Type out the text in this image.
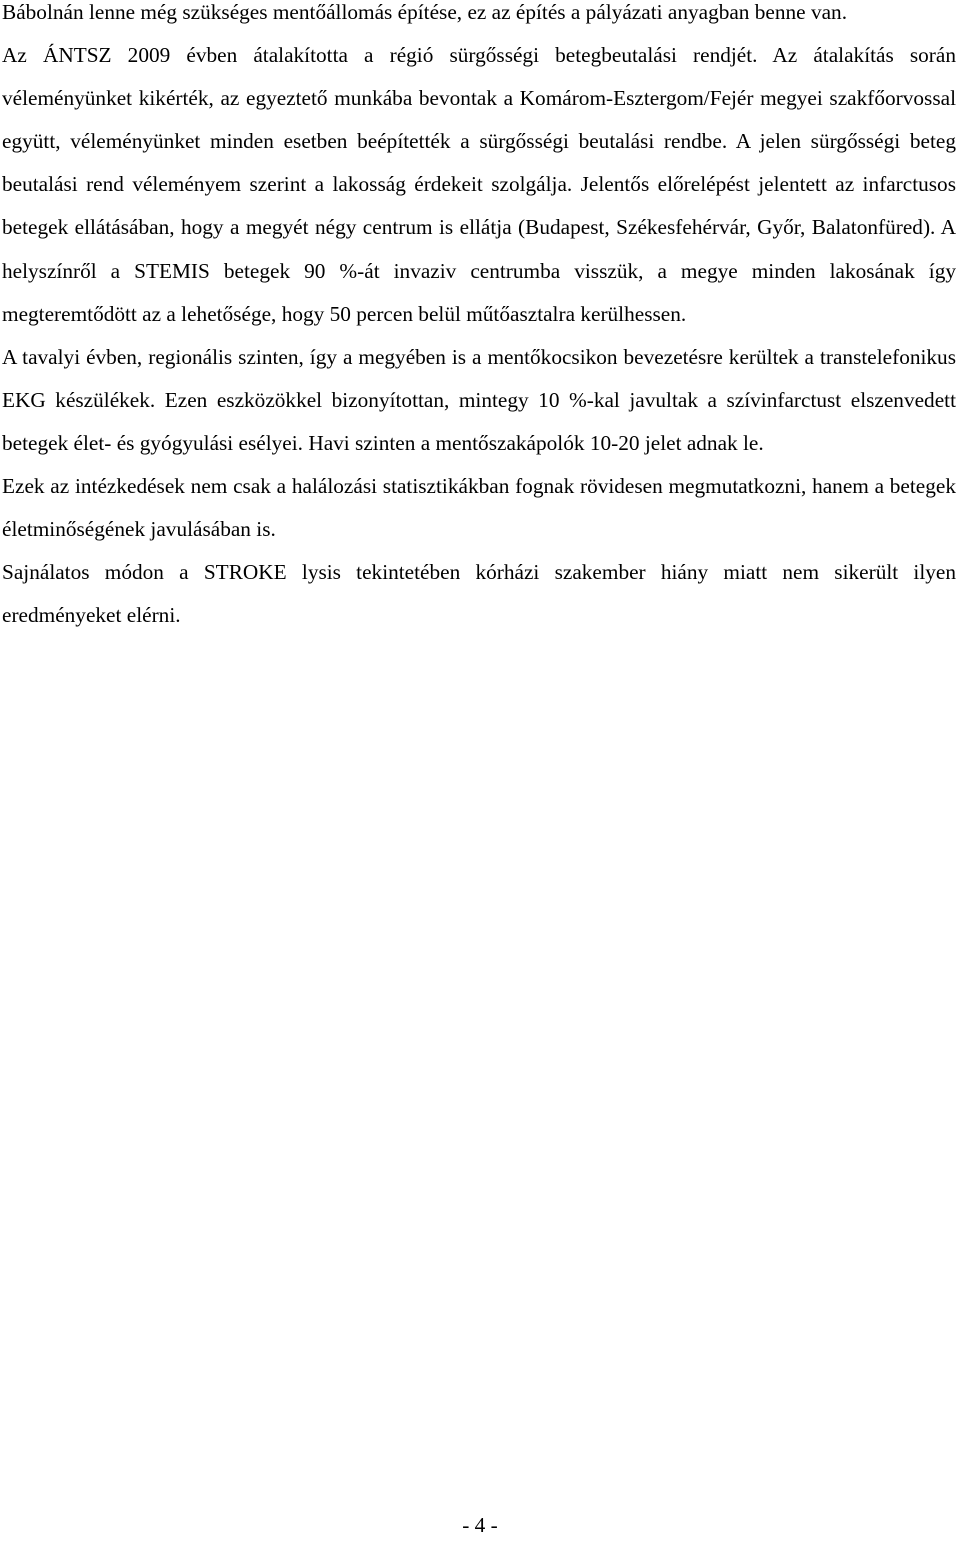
Bábolnán lenne még szükséges mentőállomás építése, ez az építés a pályázati anyagban benne van.

Az ÁNTSZ 2009 évben átalakította a régió sürgősségi betegbeutalási rendjét. Az átalakítás során véleményünket kikérték, az egyeztető munkába bevontak a Komárom-Esztergom/Fejér megyei szakfőorvossal együtt, véleményünket minden esetben beépítették a sürgősségi beutalási rendbe. A jelen sürgősségi beteg beutalási rend véleményem szerint a lakosság érdekeit szolgálja. Jelentős előrelépést jelentett az infarctusos betegek ellátásában, hogy a megyét négy centrum is ellátja (Budapest, Székesfehérvár, Győr, Balatonfüred). A helyszínről a STEMIS betegek 90 %-át invaziv centrumba visszük, a megye minden lakosának így megteremtődött az a lehetősége, hogy 50 percen belül műtőasztalra kerülhessen.

A tavalyi évben, regionális szinten, így a megyében is a mentőkocsikon bevezetésre kerültek a transtelefonikus EKG készülékek. Ezen eszközökkel bizonyítottan, mintegy 10 %-kal javultak a szívinfarctust elszenvedett betegek élet- és gyógyulási esélyei. Havi szinten a mentőszakápolók 10-20 jelet adnak le.

Ezek az intézkedések nem csak a halálozási statisztikákban fognak rövidesen megmutatkozni, hanem a betegek életminőségének javulásában is.

Sajnálatos módon a STROKE lysis tekintetében kórházi szakember hiány miatt nem sikerült ilyen eredményeket elérni.

- 4 -
